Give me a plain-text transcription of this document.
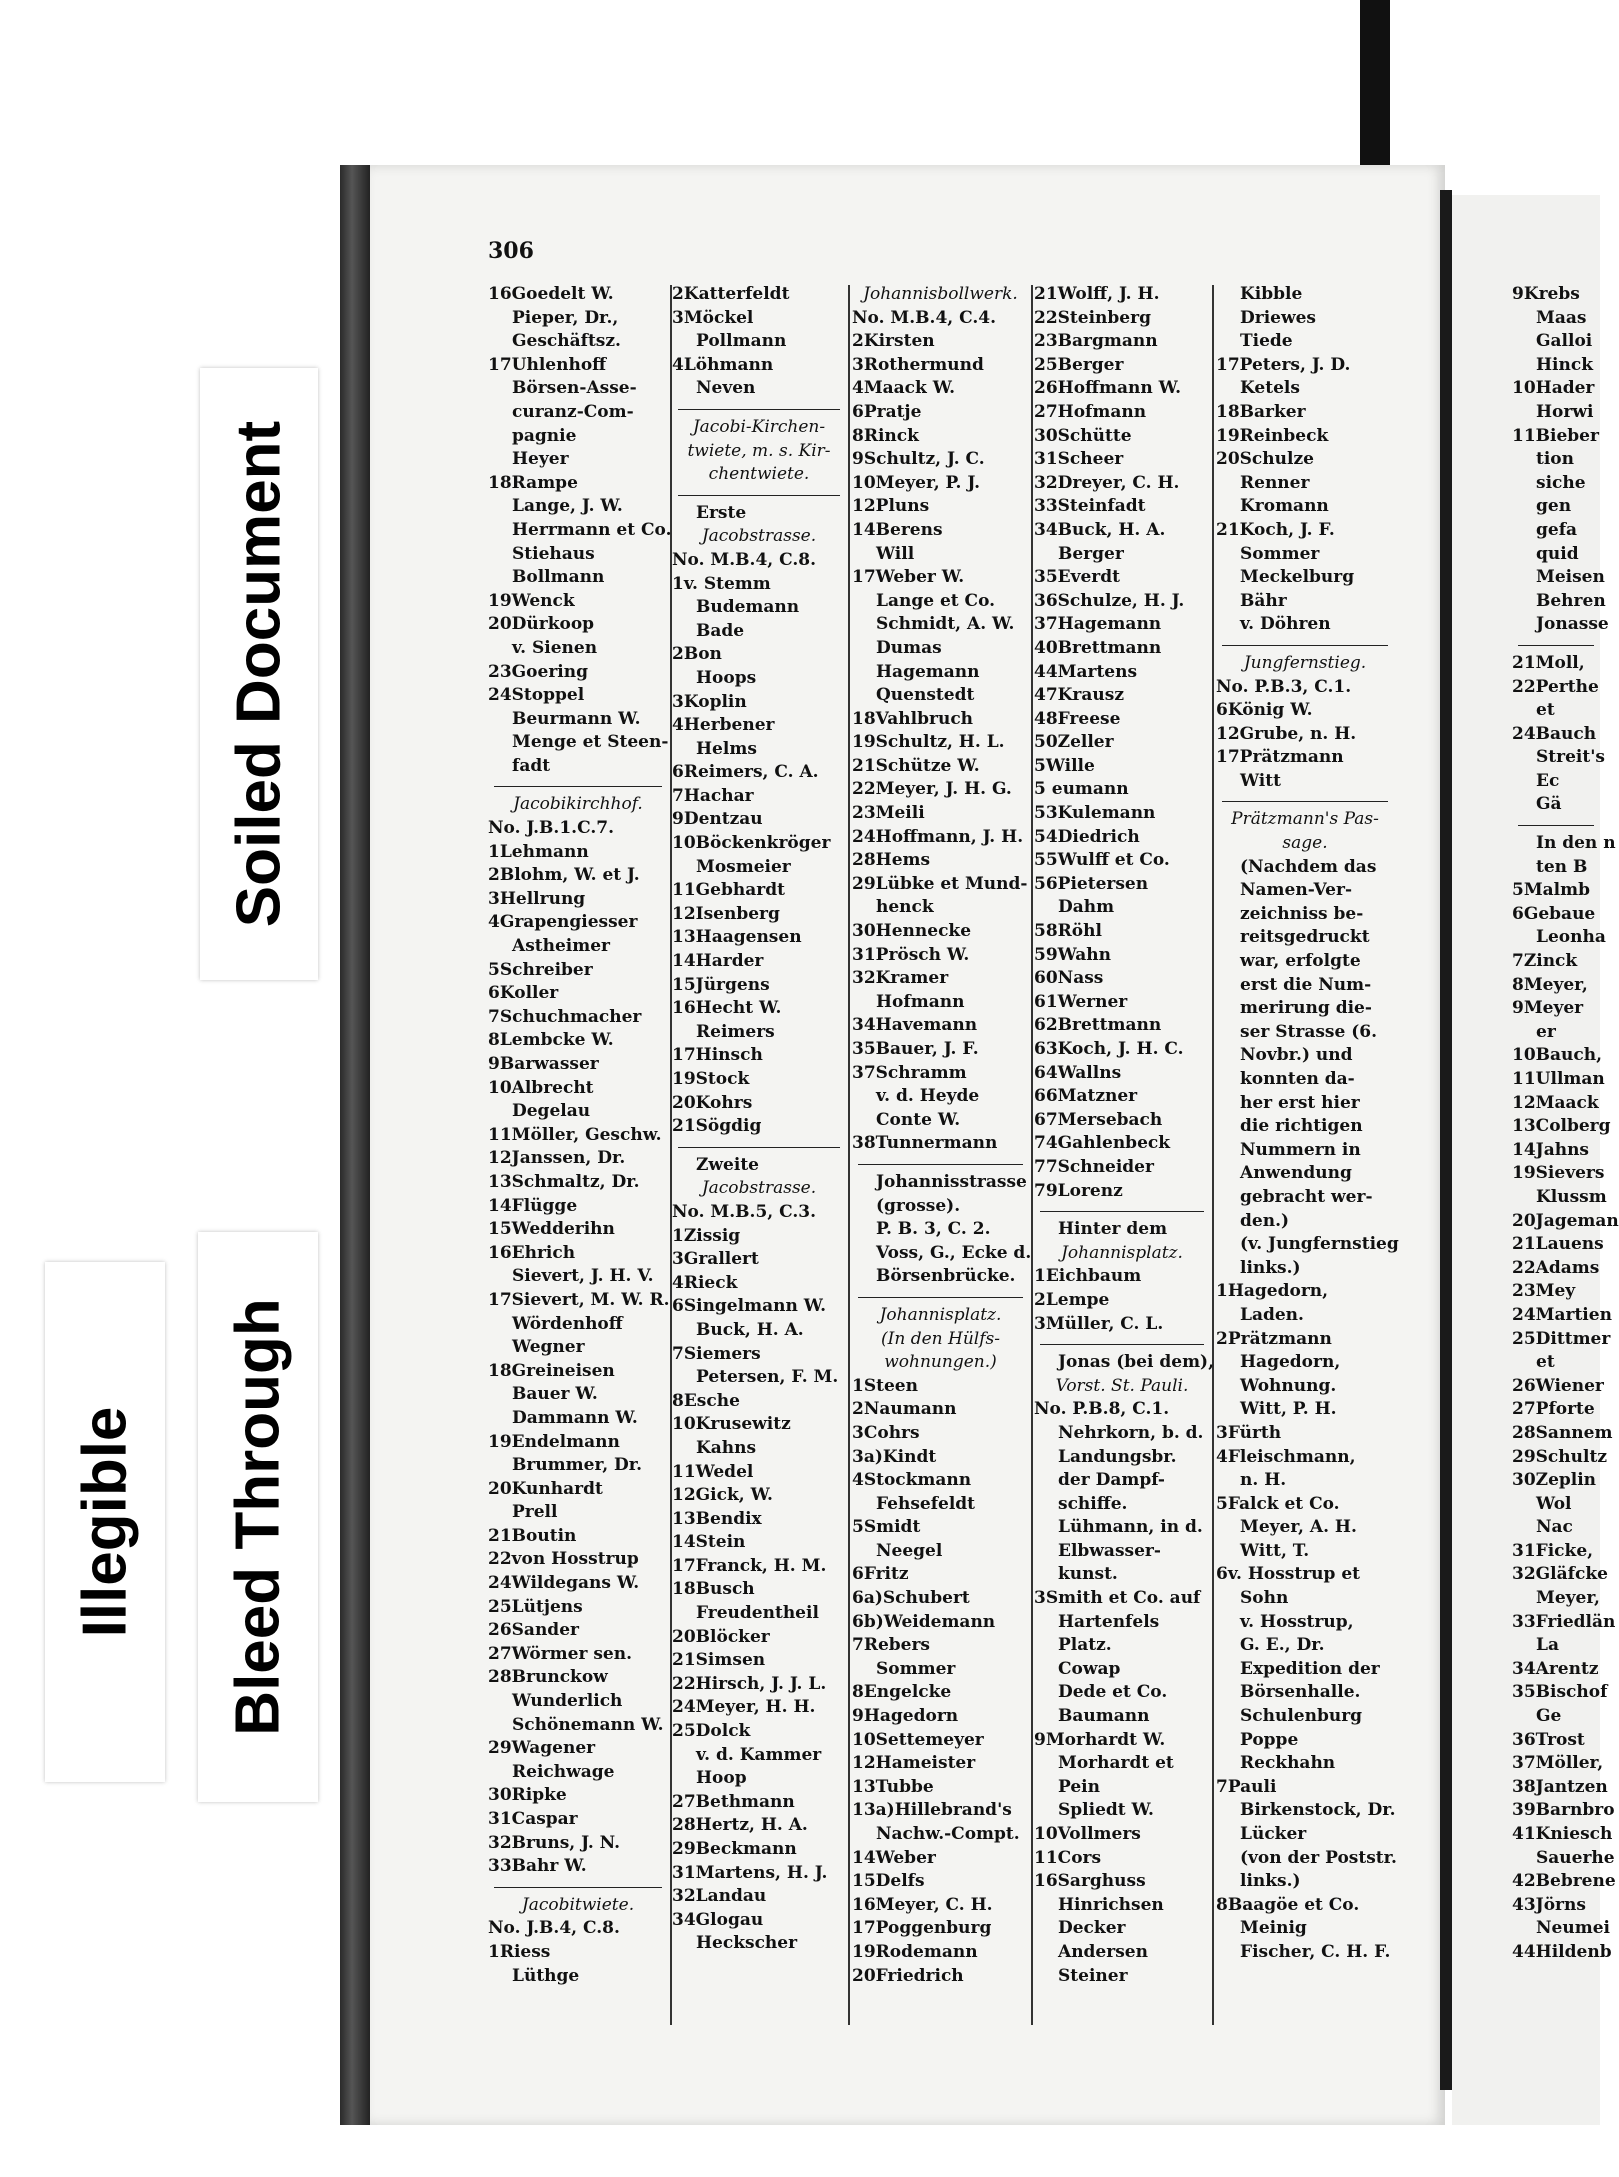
Soiled Document
Illegible Bleed Through
306
16Goedelt W.
Pieper, Dr.,
Geschäftsz.
17Uhlenhoff
Börsen-Asse-
curanz-Com-
pagnie
Heyer
18Rampe
Lange, J. W.
Herrmann et Co.
Stiehaus
Bollmann
19Wenck
20Dürkoop
v. Sienen
23Goering
24Stoppel
Beurmann W.
Menge et Steen-
fadt
Jacobikirchhof.
No. J.B.1.C.7.
1Lehmann
2Blohm, W. et J.
3Hellrung
4Grapengiesser
Astheimer
5Schreiber
6Koller
7Schuchmacher
8Lembcke W.
9Barwasser
10Albrecht
Degelau
11Möller, Geschw.
12Janssen, Dr.
13Schmaltz, Dr.
14Flügge
15Wedderihn
16Ehrich
Sievert, J. H. V.
17Sievert, M. W. R.
Wördenhoff
Wegner
18Greineisen
Bauer W.
Dammann W.
19Endelmann
Brummer, Dr.
20Kunhardt
Prell
21Boutin
22von Hosstrup
24Wildegans W.
25Lütjens
26Sander
27Wörmer sen.
28Brunckow
Wunderlich
Schönemann W.
29Wagener
Reichwage
30Ripke
31Caspar
32Bruns, J. N.
33Bahr W.
Jacobitwiete.
No. J.B.4, C.8.
1Riess
Lüthge
2Katterfeldt
3Möckel
Pollmann
4Löhmann
Neven
Jacobi-Kirchen-
twiete, m. s. Kir-
chentwiete.
Erste
Jacobstrasse.
No. M.B.4, C.8.
1v. Stemm
Budemann
Bade
2Bon
Hoops
3Koplin
4Herbener
Helms
6Reimers, C. A.
7Hachar
9Dentzau
10Böckenkröger
Mosmeier
11Gebhardt
12Isenberg
13Haagensen
14Harder
15Jürgens
16Hecht W.
Reimers
17Hinsch
19Stock
20Kohrs
21Sögdig
Zweite
Jacobstrasse.
No. M.B.5, C.3.
1Zissig
3Grallert
4Rieck
6Singelmann W.
Buck, H. A.
7Siemers
Petersen, F. M.
8Esche
10Krusewitz
Kahns
11Wedel
12Gick, W.
13Bendix
14Stein
17Franck, H. M.
18Busch
Freudentheil
20Blöcker
21Simsen
22Hirsch, J. J. L.
24Meyer, H. H.
25Dolck
v. d. Kammer
Hoop
27Bethmann
28Hertz, H. A.
29Beckmann
31Martens, H. J.
32Landau
34Glogau
Heckscher
Johannisbollwerk.
No. M.B.4, C.4.
2Kirsten
3Rothermund
4Maack W.
6Pratje
8Rinck
9Schultz, J. C.
10Meyer, P. J.
12Pluns
14Berens
Will
17Weber W.
Lange et Co.
Schmidt, A. W.
Dumas
Hagemann
Quenstedt
18Vahlbruch
19Schultz, H. L.
21Schütze W.
22Meyer, J. H. G.
23Meili
24Hoffmann, J. H.
28Hems
29Lübke et Mund-
henck
30Hennecke
31Prösch W.
32Kramer
Hofmann
34Havemann
35Bauer, J. F.
37Schramm
v. d. Heyde
Conte W.
38Tunnermann
Johannisstrasse
(grosse).
P. B. 3, C. 2.
Voss, G., Ecke d.
Börsenbrücke.
Johannisplatz.
(In den Hülfs-
wohnungen.)
1Steen
2Naumann
3Cohrs
3a)Kindt
4Stockmann
Fehsefeldt
5Smidt
Neegel
6Fritz
6a)Schubert
6b)Weidemann
7Rebers
Sommer
8Engelcke
9Hagedorn
10Settemeyer
12Hameister
13Tubbe
13a)Hillebrand's
Nachw.-Compt.
14Weber
15Delfs
16Meyer, C. H.
17Poggenburg
19Rodemann
20Friedrich
21Wolff, J. H.
22Steinberg
23Bargmann
25Berger
26Hoffmann W.
27Hofmann
30Schütte
31Scheer
32Dreyer, C. H.
33Steinfadt
34Buck, H. A.
Berger
35Everdt
36Schulze, H. J.
37Hagemann
40Brettmann
44Martens
47Krausz
48Freese
50Zeller
5Wille
5 eumann
53Kulemann
54Diedrich
55Wulff et Co.
56Pietersen
Dahm
58Röhl
59Wahn
60Nass
61Werner
62Brettmann
63Koch, J. H. C.
64Wallns
66Matzner
67Mersebach
74Gahlenbeck
77Schneider
79Lorenz
Hinter dem
Johannisplatz.
1Eichbaum
2Lempe
3Müller, C. L.
Jonas (bei dem),
Vorst. St. Pauli.
No. P.B.8, C.1.
Nehrkorn, b. d.
Landungsbr.
der Dampf-
schiffe.
Lühmann, in d.
Elbwasser-
kunst.
3Smith et Co. auf
Hartenfels
Platz.
Cowap
Dede et Co.
Baumann
9Morhardt W.
Morhardt et
Pein
Spliedt W.
10Vollmers
11Cors
16Sarghuss
Hinrichsen
Decker
Andersen
Steiner
Kibble
Driewes
Tiede
17Peters, J. D.
Ketels
18Barker
19Reinbeck
20Schulze
Renner
Kromann
21Koch, J. F.
Sommer
Meckelburg
Bähr
v. Döhren
Jungfernstieg.
No. P.B.3, C.1.
6König W.
12Grube, n. H.
17Prätzmann
Witt
Prätzmann's Pas-
sage.
(Nachdem das
Namen-Ver-
zeichniss be-
reitsgedruckt
war, erfolgte
erst die Num-
merirung die-
ser Strasse (6.
Novbr.) und
konnten da-
her erst hier
die richtigen
Nummern in
Anwendung
gebracht wer-
den.)
(v. Jungfernstieg
links.)
1Hagedorn,
Laden.
2Prätzmann
Hagedorn,
Wohnung.
Witt, P. H.
3Fürth
4Fleischmann,
n. H.
5Falck et Co.
Meyer, A. H.
Witt, T.
6v. Hosstrup et
Sohn
v. Hosstrup,
G. E., Dr.
Expedition der
Börsenhalle.
Schulenburg
Poppe
Reckhahn
7Pauli
Birkenstock, Dr.
Lücker
(von der Poststr.
links.)
8Baagöe et Co.
Meinig
Fischer, C. H. F.
9Krebs
Maas
Galloi
Hinck
10Hader
Horwi
11Bieber
tion
siche
gen
gefa
quid
Meisen
Behren
Jonasse
21Moll,
22Perthe
et
24Bauch
Streit's
Ec
Gä
In den n
ten B
5Malmb
6Gebaue
Leonha
7Zinck
8Meyer,
9Meyer
er
10Bauch,
11Ullman
12Maack
13Colberg
14Jahns
19Sievers
Klussm
20Jageman
21Lauens
22Adams
23Mey
24Martien
25Dittmer
et
26Wiener
27Pforte
28Sannem
29Schultz
30Zeplin
Wol
Nac
31Ficke,
32Gläfcke
Meyer,
33Friedlän
La
34Arentz
35Bischof
Ge
36Trost
37Möller,
38Jantzen
39Barnbro
41Kniesch
Sauerhe
42Bebrene
43Jörns
Neumei
44Hildenb
